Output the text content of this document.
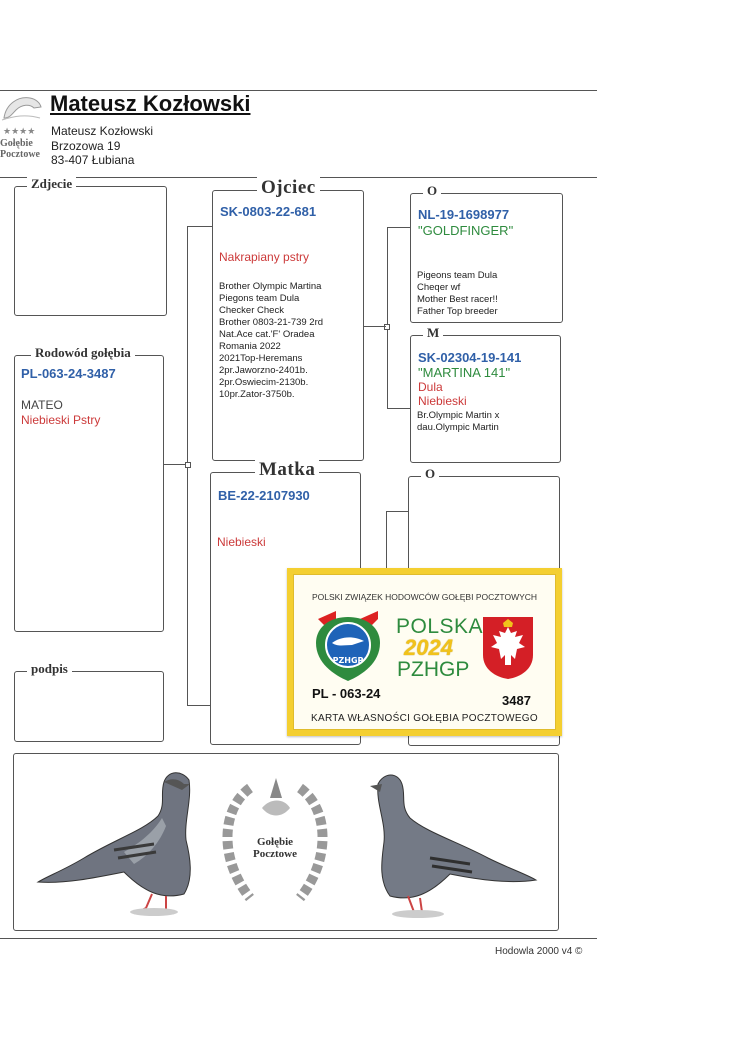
★★★★
Gołębie
Pocztowe
Mateusz Kozłowski
Mateusz Kozłowski
Brzozowa 19
83-407 Łubiana
Zdjecie
Rodowód gołębia
PL-063-24-3487
MATEO
Niebieski Pstry
podpis
Ojciec
SK-0803-22-681
Nakrapiany pstry
Brother Olympic Martina
Piegons team Dula
Checker Check
Brother 0803-21-739 2rd
Nat.Ace cat.'F' Oradea
Romania 2022
2021Top-Heremans
2pr.Jaworzno-2401b.
2pr.Oswiecim-2130b.
10pr.Zator-3750b.
Matka
BE-22-2107930
Niebieski
O
NL-19-1698977
"GOLDFINGER"
Pigeons team Dula
Cheqer wf
Mother Best racer!!
Father Top breeder
M
SK-02304-19-141
"MARTINA 141"
Dula
Niebieski
Br.Olympic Martin x
dau.Olympic Martin
O
POLSKI ZWIĄZEK HODOWCÓW GOŁĘBI POCZTOWYCH
PZHGP
POLSKA
2024
PZHGP
PL - 063-24	3487
KARTA WŁASNOŚCI GOŁĘBIA POCZTOWEGO
Gołębie
Pocztowe
Hodowla 2000 v4 ©
